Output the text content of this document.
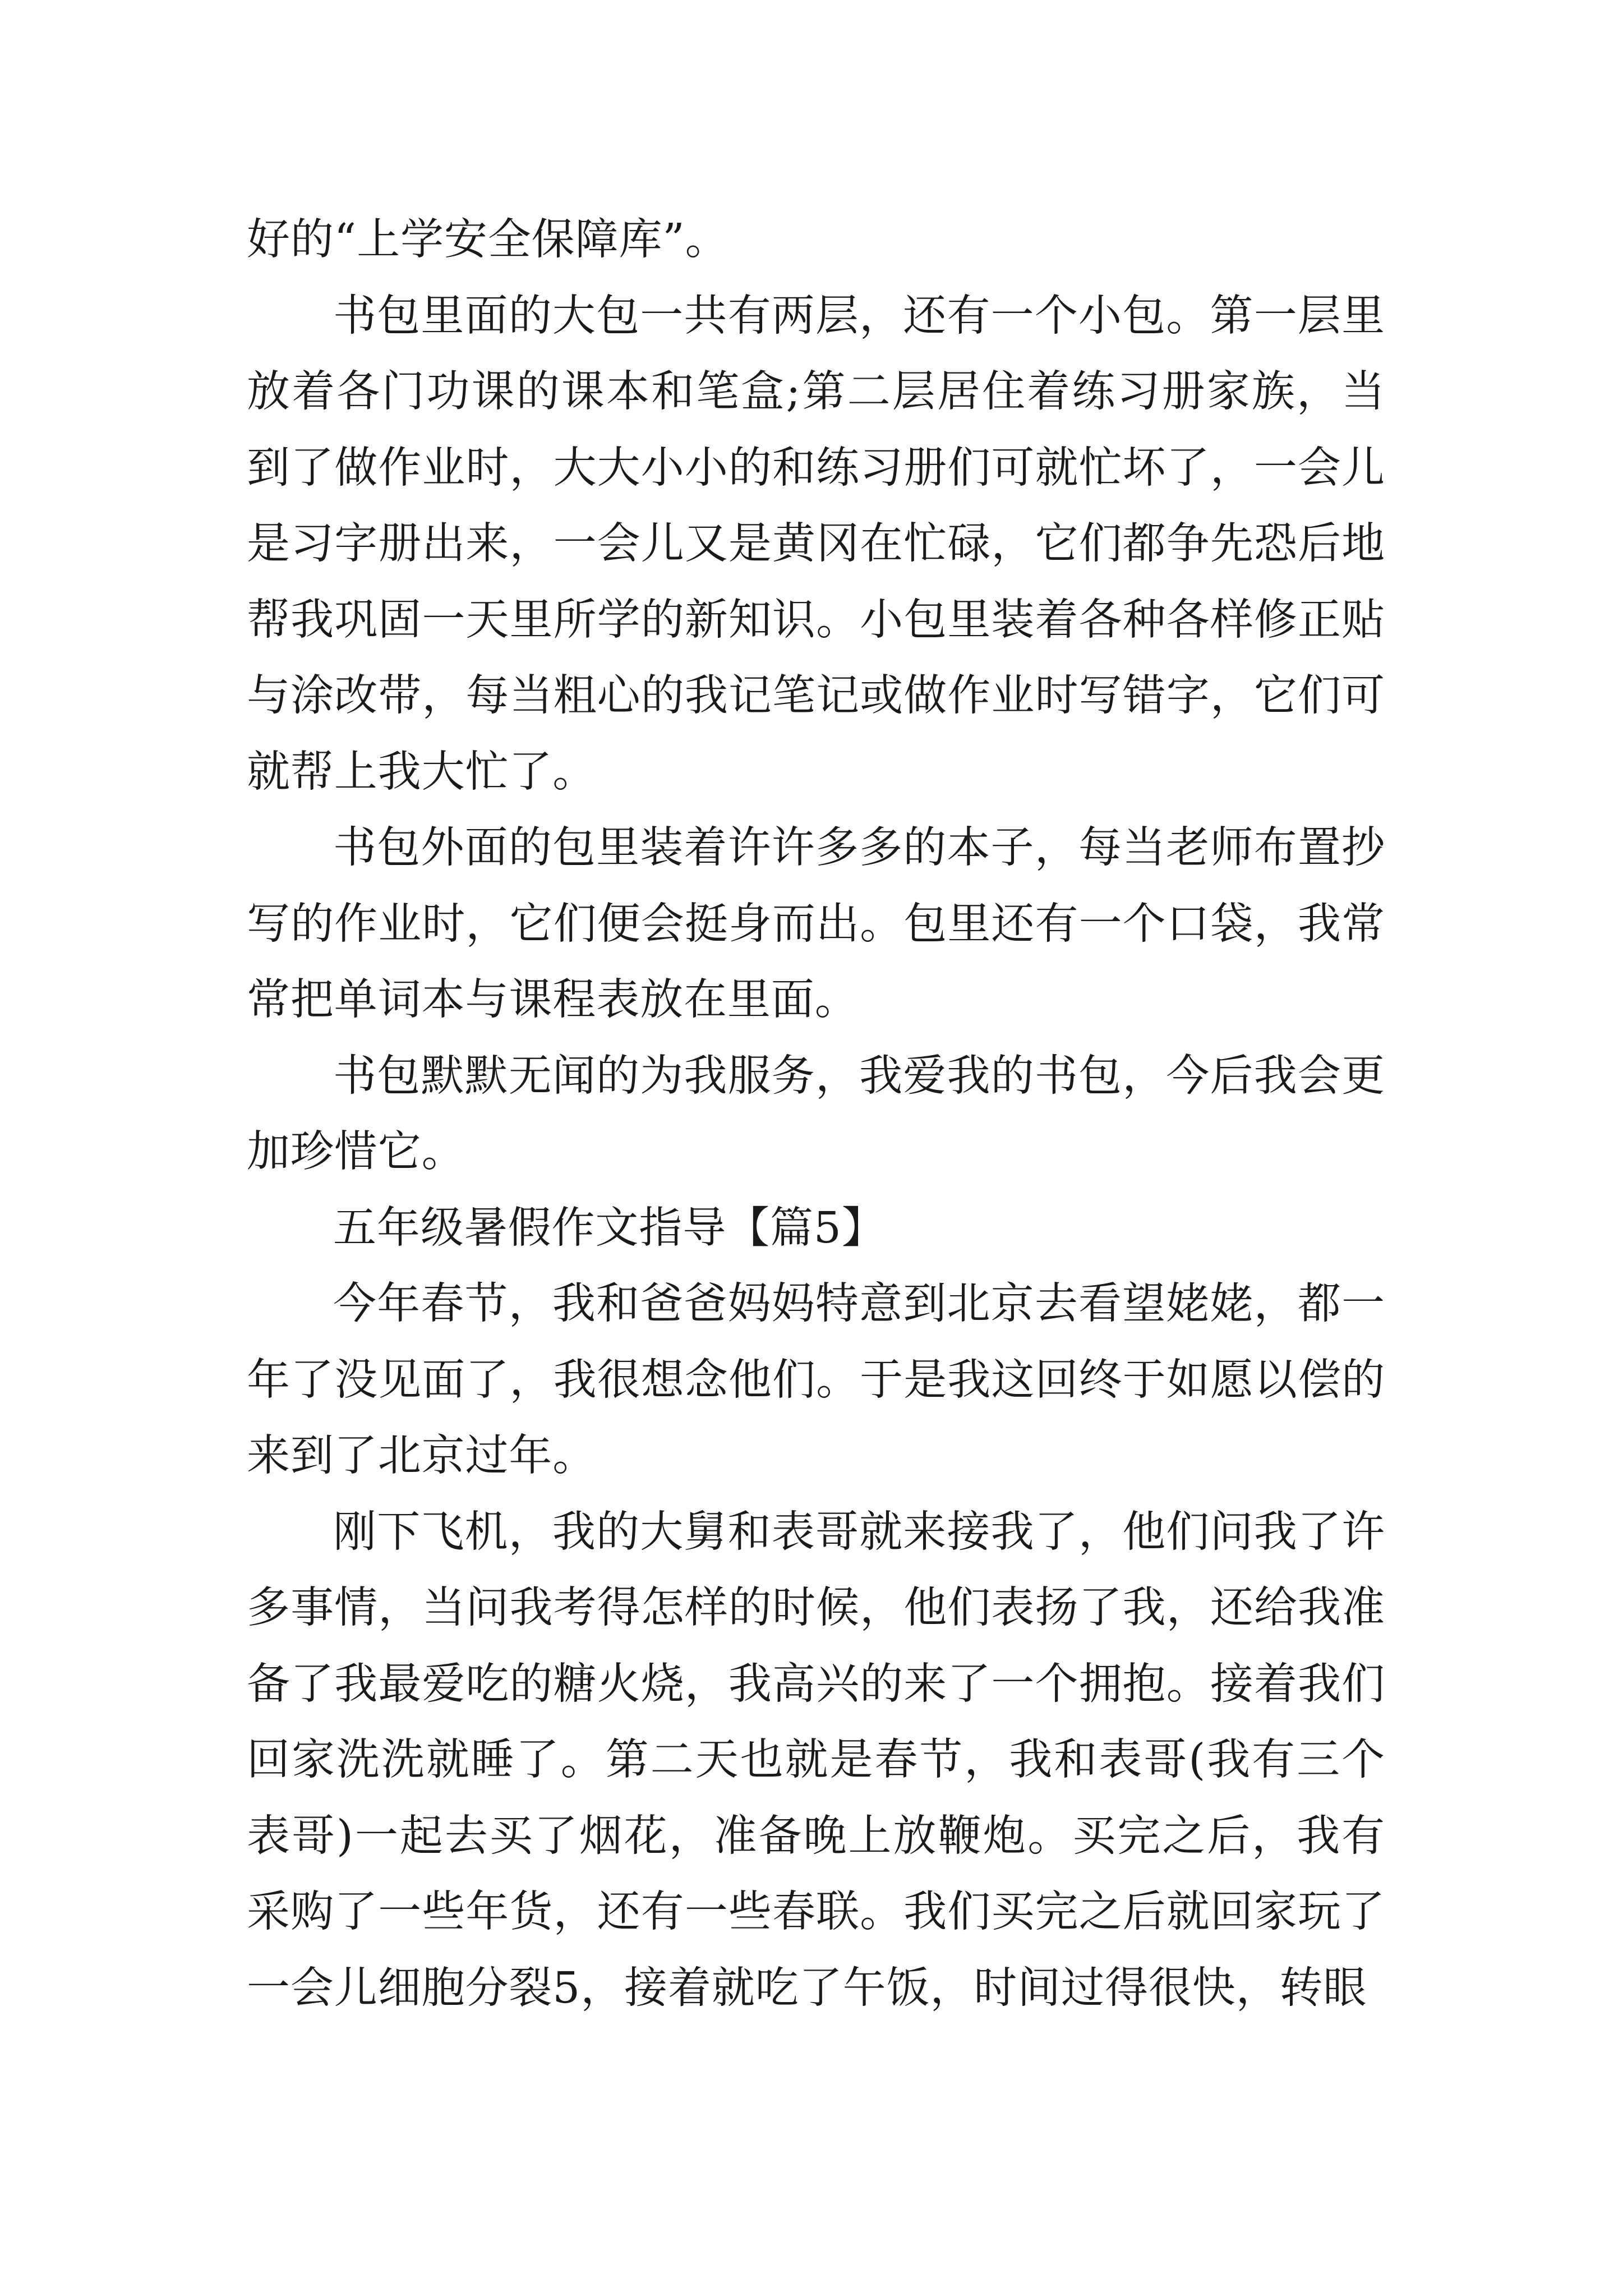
好的“上学安全保障库”。

书包里面的大包一共有两层，还有一个小包。第一层里放着各门功课的课本和笔盒;第二层居住着练习册家族，当到了做作业时，大大小小的和练习册们可就忙坏了，一会儿是习字册出来，一会儿又是黄冈在忙碌，它们都争先恐后地帮我巩固一天里所学的新知识。小包里装着各种各样修正贴与涂改带，每当粗心的我记笔记或做作业时写错字，它们可就帮上我大忙了。

书包外面的包里装着许许多多的本子，每当老师布置抄写的作业时，它们便会挺身而出。包里还有一个口袋，我常常把单词本与课程表放在里面。

书包默默无闻的为我服务，我爱我的书包，今后我会更加珍惜它。

五年级暑假作文指导【篇5】

今年春节，我和爸爸妈妈特意到北京去看望姥姥，都一年了没见面了，我很想念他们。于是我这回终于如愿以偿的来到了北京过年。

刚下飞机，我的大舅和表哥就来接我了，他们问我了许多事情，当问我考得怎样的时候，他们表扬了我，还给我准备了我最爱吃的糖火烧，我高兴的来了一个拥抱。接着我们回家洗洗就睡了。第二天也就是春节，我和表哥(我有三个表哥)一起去买了烟花，准备晚上放鞭炮。买完之后，我有采购了一些年货，还有一些春联。我们买完之后就回家玩了一会儿细胞分裂5，接着就吃了午饭，时间过得很快，转眼
